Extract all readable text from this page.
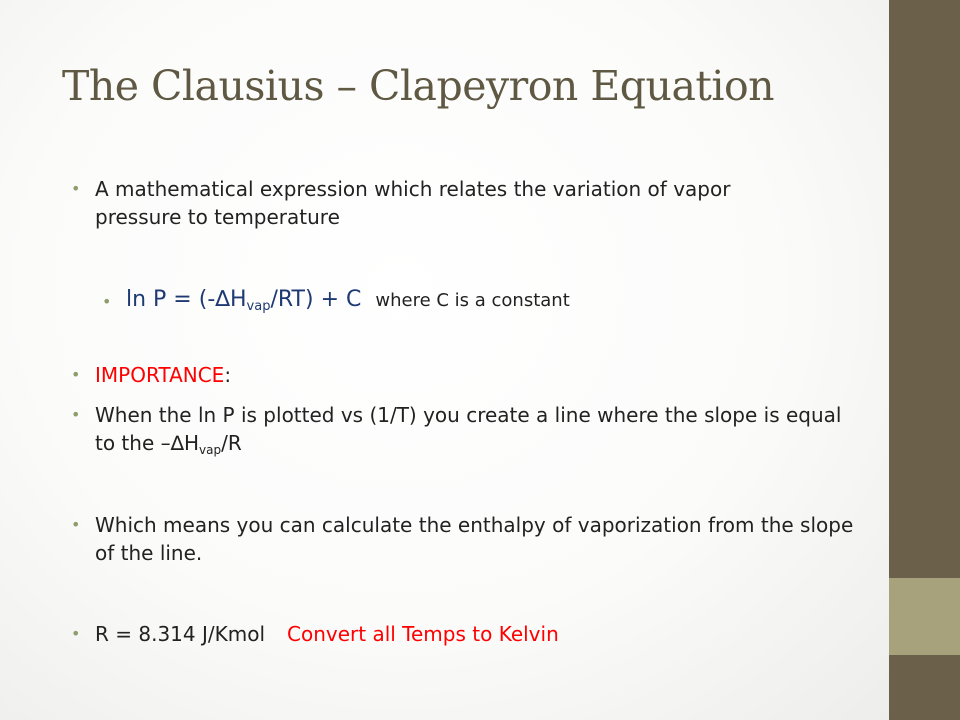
The Clausius – Clapeyron Equation
• A mathematical expression which relates the variation of vapor pressure to temperature
• $\ln P = (-\Delta H_{vap}/RT) + C$ where C is a constant
• IMPORTANCE:
• When the ln P is plotted vs (1/T) you create a line where the slope is equal to the $-\Delta H_{vap}/R$
• Which means you can calculate the enthalpy of vaporization from the slope of the line.
• R = 8.314 J/Kmol Convert all Temps to Kelvin
